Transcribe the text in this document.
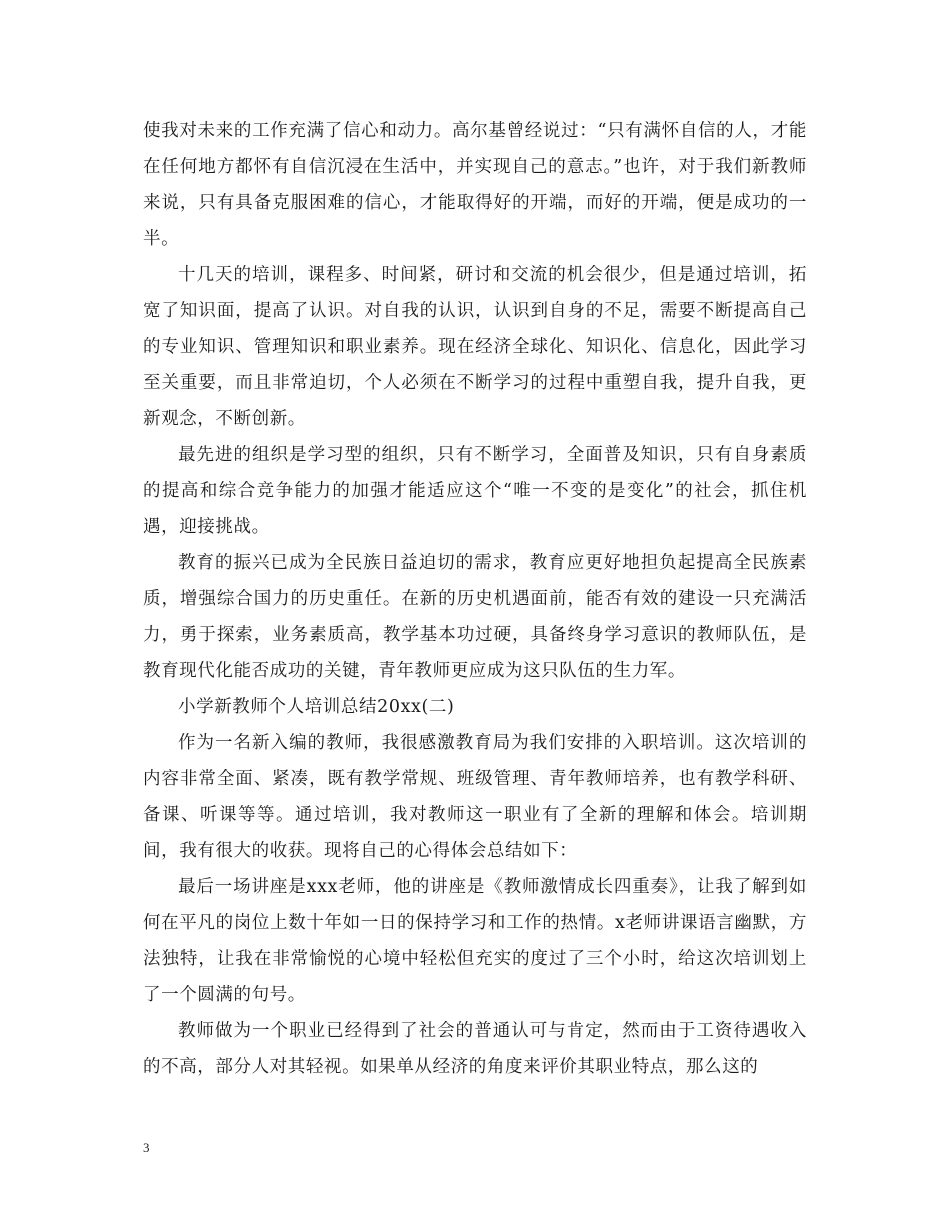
使我对未来的工作充满了信心和动力。高尔基曾经说过：“只有满怀自信的人，才能在任何地方都怀有自信沉浸在生活中，并实现自己的意志。”也许，对于我们新教师来说，只有具备克服困难的信心，才能取得好的开端，而好的开端，便是成功的一半。

十几天的培训，课程多、时间紧，研讨和交流的机会很少，但是通过培训，拓宽了知识面，提高了认识。对自我的认识，认识到自身的不足，需要不断提高自己的专业知识、管理知识和职业素养。现在经济全球化、知识化、信息化，因此学习至关重要，而且非常迫切，个人必须在不断学习的过程中重塑自我，提升自我，更新观念，不断创新。

最先进的组织是学习型的组织，只有不断学习，全面普及知识，只有自身素质的提高和综合竞争能力的加强才能适应这个“唯一不变的是变化”的社会，抓住机遇，迎接挑战。

教育的振兴已成为全民族日益迫切的需求，教育应更好地担负起提高全民族素质，增强综合国力的历史重任。在新的历史机遇面前，能否有效的建设一只充满活力，勇于探索，业务素质高，教学基本功过硬，具备终身学习意识的教师队伍，是教育现代化能否成功的关键，青年教师更应成为这只队伍的生力军。

小学新教师个人培训总结20xx(二)

作为一名新入编的教师，我很感激教育局为我们安排的入职培训。这次培训的内容非常全面、紧凑，既有教学常规、班级管理、青年教师培养，也有教学科研、备课、听课等等。通过培训，我对教师这一职业有了全新的理解和体会。培训期间，我有很大的收获。现将自己的心得体会总结如下：

最后一场讲座是xxx老师，他的讲座是《教师激情成长四重奏》，让我了解到如何在平凡的岗位上数十年如一日的保持学习和工作的热情。x老师讲课语言幽默，方法独特，让我在非常愉悦的心境中轻松但充实的度过了三个小时，给这次培训划上了一个圆满的句号。

教师做为一个职业已经得到了社会的普通认可与肯定，然而由于工资待遇收入的不高，部分人对其轻视。如果单从经济的角度来评价其职业特点，那么这的

3
